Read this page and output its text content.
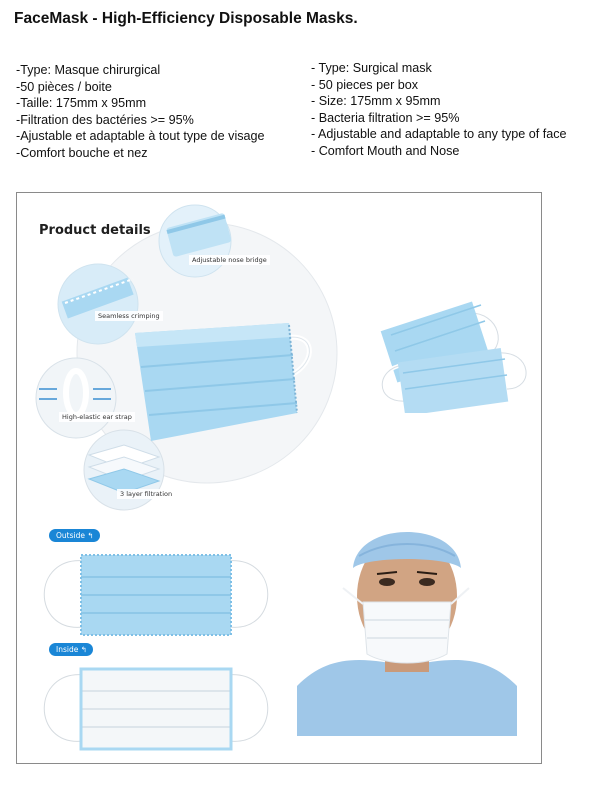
FaceMask - High-Efficiency Disposable Masks.
-Type: Masque chirurgical
-50 pièces / boite
-Taille: 175mm x 95mm
-Filtration des bactéries >= 95%
-Ajustable et adaptable à tout type de visage
-Comfort bouche et nez
- Type: Surgical mask
- 50 pieces per box
- Size: 175mm x 95mm
- Bacteria filtration >= 95%
- Adjustable and adaptable to any type of face
- Comfort Mouth and Nose
Product details
Adjustable nose bridge
Seamless crimping
High-elastic ear strap
3 layer filtration
Outside ↰
Inside ↰
